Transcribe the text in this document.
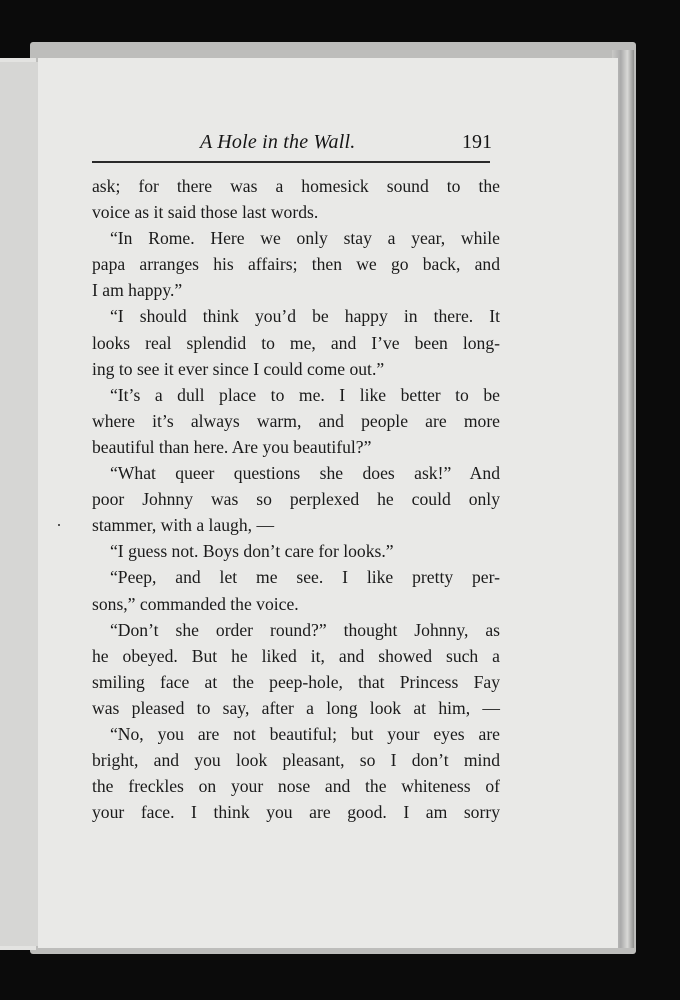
A Hole in the Wall.	191
ask; for there was a homesick sound to the
voice as it said those last words.
“In Rome. Here we only stay a year, while
papa arranges his affairs; then we go back, and
I am happy.”
“I should think you’d be happy in there. It
looks real splendid to me, and I’ve been long-
ing to see it ever since I could come out.”
“It’s a dull place to me. I like better to be
where it’s always warm, and people are more
beautiful than here. Are you beautiful?”
“What queer questions she does ask!” And
poor Johnny was so perplexed he could only
stammer, with a laugh, —
“I guess not. Boys don’t care for looks.”
“Peep, and let me see. I like pretty per-
sons,” commanded the voice.
“Don’t she order round?” thought Johnny, as
he obeyed. But he liked it, and showed such a
smiling face at the peep-hole, that Princess Fay
was pleased to say, after a long look at him, —
“No, you are not beautiful; but your eyes are
bright, and you look pleasant, so I don’t mind
the freckles on your nose and the whiteness of
your face. I think you are good. I am sorry
